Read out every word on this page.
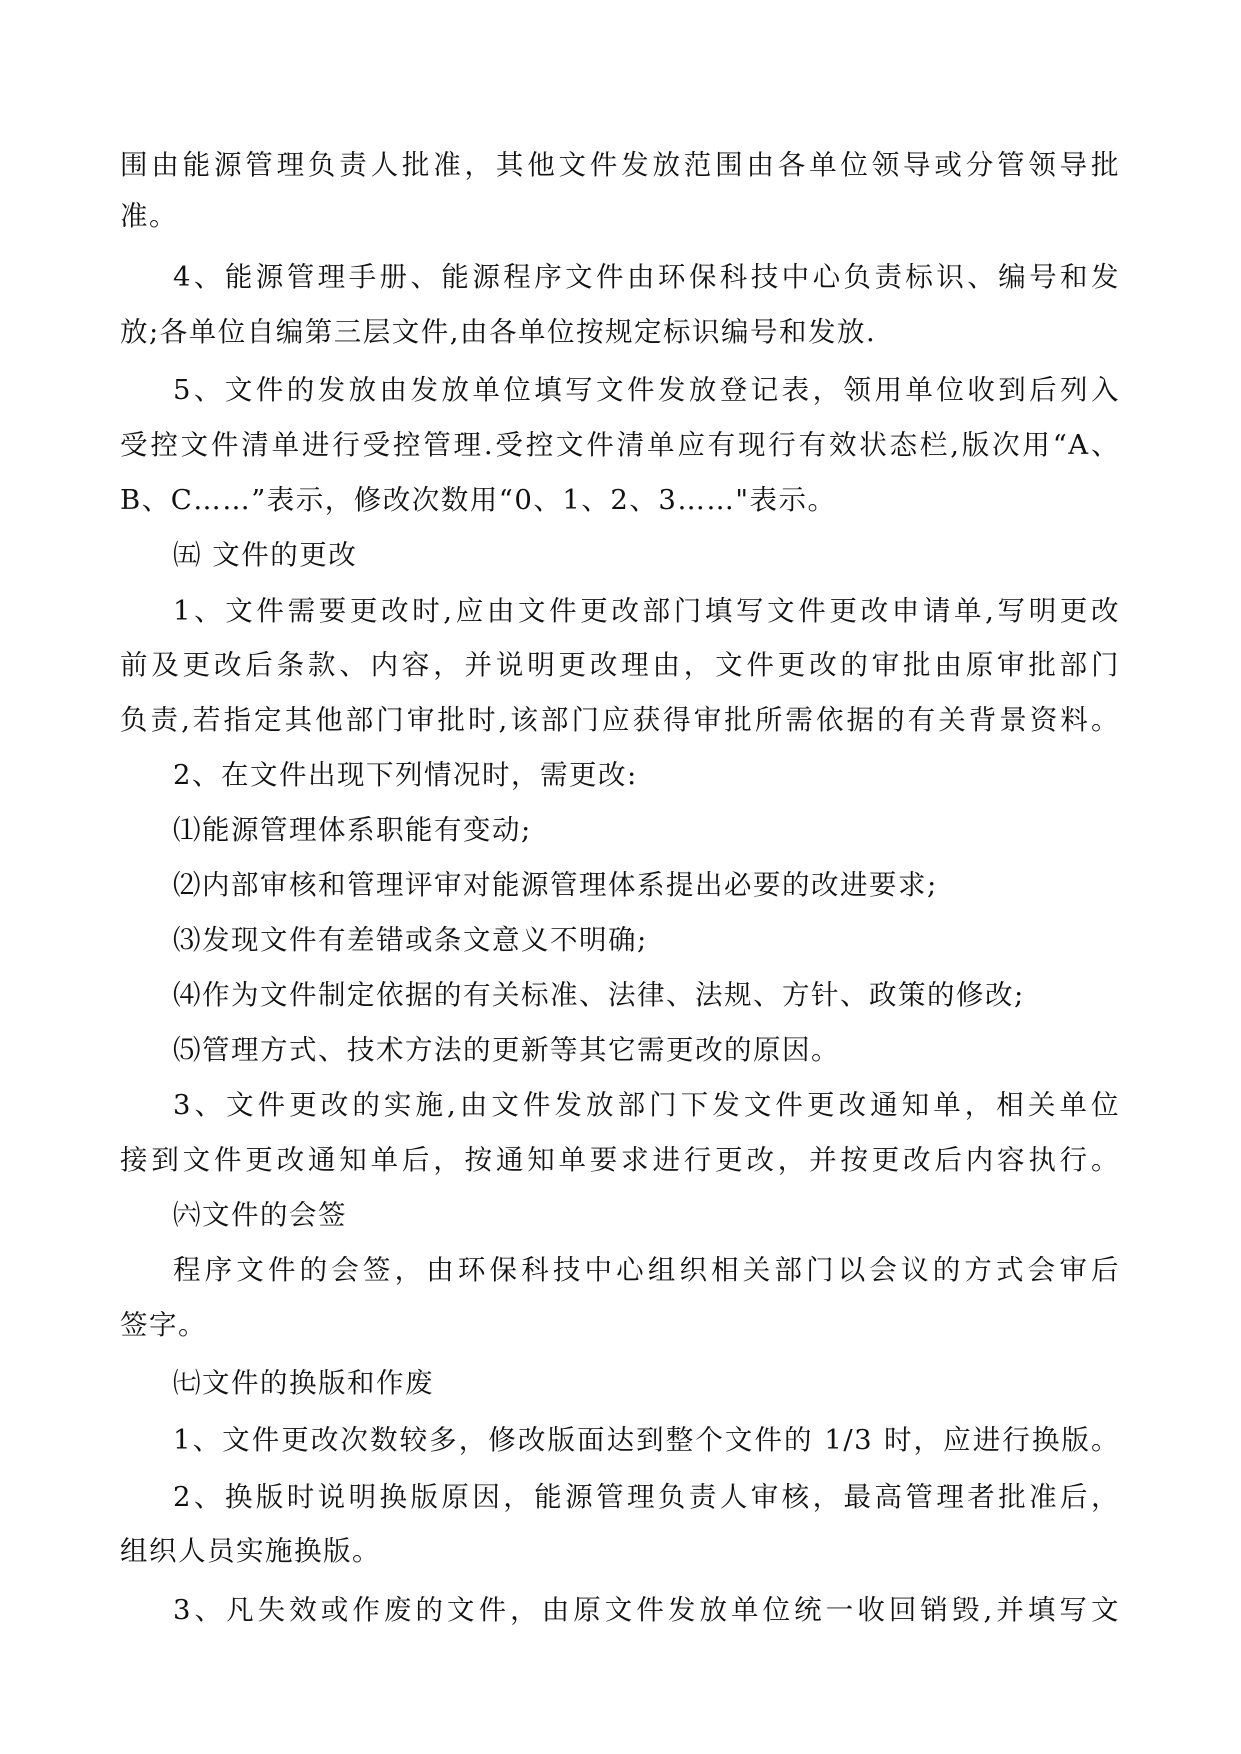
围由能源管理负责人批准，其他文件发放范围由各单位领导或分管领导批
准。
4、能源管理手册、能源程序文件由环保科技中心负责标识、编号和发
放;各单位自编第三层文件,由各单位按规定标识编号和发放.
5、文件的发放由发放单位填写文件发放登记表，领用单位收到后列入
受控文件清单进行受控管理.受控文件清单应有现行有效状态栏,版次用“A、
B、C……”表示，修改次数用“0、1、2、3……"表示。
㈤ 文件的更改
1、文件需要更改时,应由文件更改部门填写文件更改申请单,写明更改
前及更改后条款、内容，并说明更改理由，文件更改的审批由原审批部门
负责,若指定其他部门审批时,该部门应获得审批所需依据的有关背景资料。
2、在文件出现下列情况时，需更改:
⑴能源管理体系职能有变动;
⑵内部审核和管理评审对能源管理体系提出必要的改进要求;
⑶发现文件有差错或条文意义不明确;
⑷作为文件制定依据的有关标准、法律、法规、方针、政策的修改;
⑸管理方式、技术方法的更新等其它需更改的原因。
3、文件更改的实施,由文件发放部门下发文件更改通知单，相关单位
接到文件更改通知单后，按通知单要求进行更改，并按更改后内容执行。
㈥文件的会签
程序文件的会签，由环保科技中心组织相关部门以会议的方式会审后
签字。
㈦文件的换版和作废
1、文件更改次数较多，修改版面达到整个文件的 1/3 时，应进行换版。
2、换版时说明换版原因，能源管理负责人审核，最高管理者批准后，
组织人员实施换版。
3、凡失效或作废的文件，由原文件发放单位统一收回销毁,并填写文
